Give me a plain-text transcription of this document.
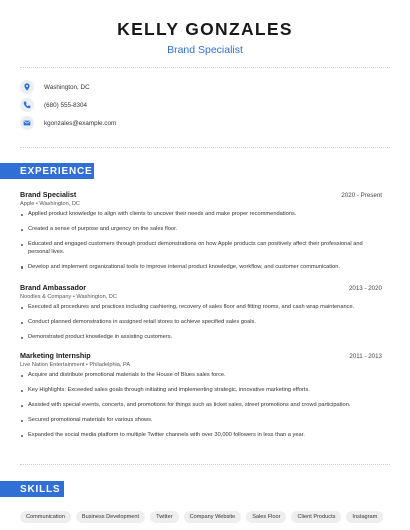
KELLY GONZALES
Brand Specialist
Washington, DC
(680) 555-8304
kgonzales@example.com
EXPERIENCE
Brand Specialist	2020 - Present
Apple • Washington, DC
Applied product knowledge to align with clients to uncover their needs and make proper recommendations.
Created a sense of purpose and urgency on the sales floor.
Educated and engaged customers through product demonstrations on how Apple products can positively affect their professional and personal lives.
Develop and implement organizational tools to improve internal product knowledge, workflow, and customer communication.
Brand Ambassador	2013 - 2020
Noodles & Company • Washington, DC
Executed all procedures and practices including cashiering, recovery of sales floor and fitting rooms, and cash wrap maintenance.
Conduct planned demonstrations in assigned retail stores to achieve specified sales goals.
Demonstrated product knowledge in assisting customers.
Marketing Internship	2011 - 2013
Live Nation Entertainment • Philadelphia, PA
Acquire and distribute promotional materials to the House of Blues sales force.
Key Highlights: Exceeded sales goals through initiating and implementing strategic, innovative marketing efforts.
Assisted with special events, concerts, and promotions for things such as ticket sales, street promotions and crowd participation.
Secured promotional materials for various shows.
Expanded the social media platform to multiple Twitter channels with over 30,000 followers in less than a year.
SKILLS
Communication	Business Development	Twitter	Company Website	Sales Floor	Client Products	Instagram
